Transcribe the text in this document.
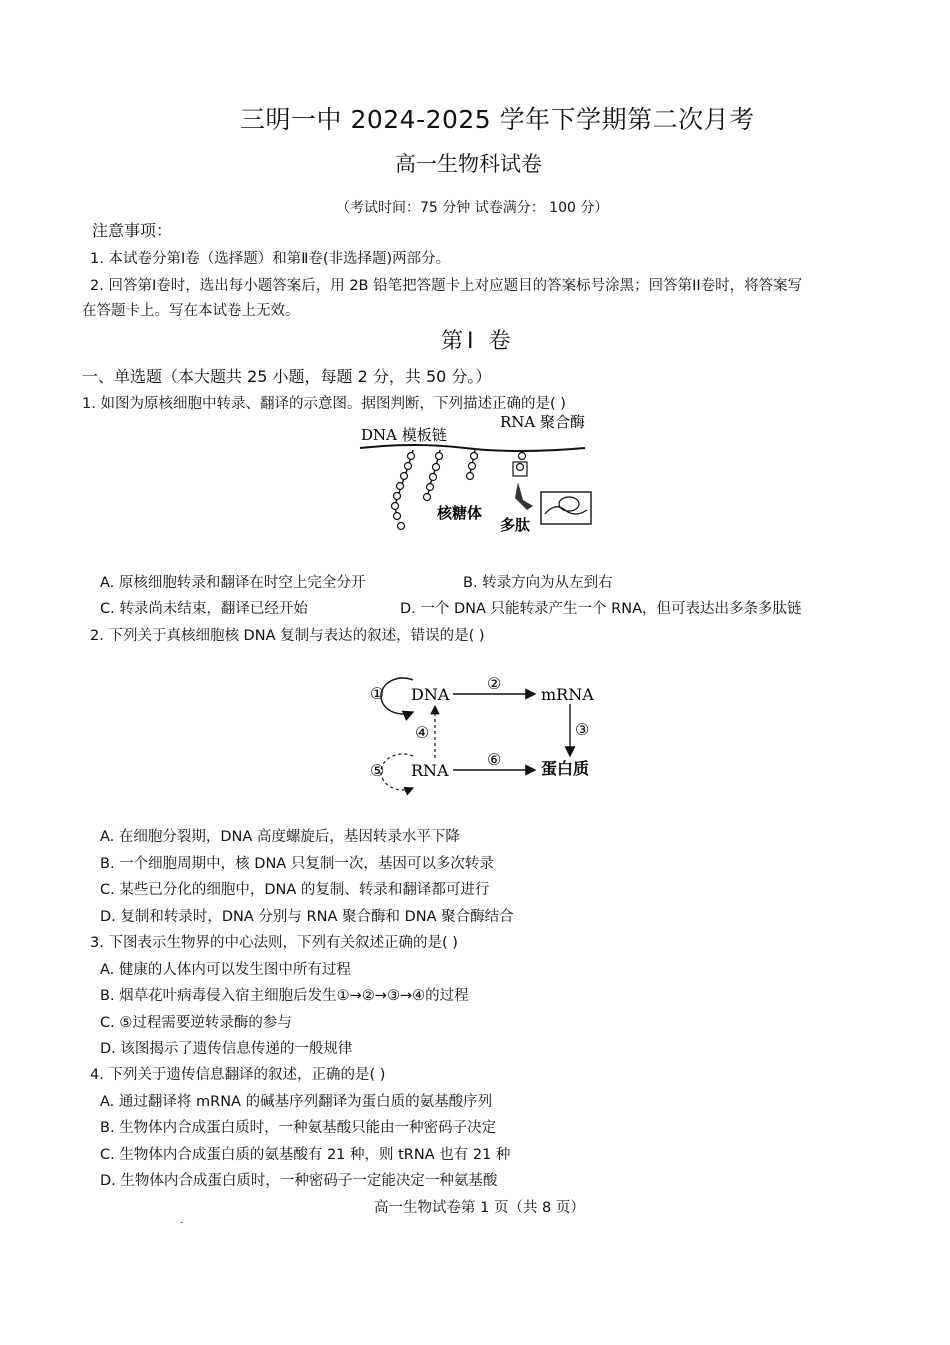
三明一中 2024-2025 学年下学期第二次月考
高一生物科试卷
（考试时间：75 分钟 试卷满分： 100 分）
注意事项：
1. 本试卷分第Ⅰ卷（选择题）和第Ⅱ卷(非选择题)两部分。
2. 回答第Ⅰ卷时，选出每小题答案后，用 2B 铅笔把答题卡上对应题目的答案标号涂黑；回答第ⅠⅠ卷时，将答案写
在答题卡上。写在本试卷上无效。
第Ⅰ 卷
一、单选题（本大题共 25 小题，每题 2 分，共 50 分。）
1. 如图为原核细胞中转录、翻译的示意图。据图判断，下列描述正确的是( )
DNA 模板链
RNA 聚合酶
核糖体
多肽
A. 原核细胞转录和翻译在时空上完全分开	B. 转录方向为从左到右
C. 转录尚未结束，翻译已经开始	D. 一个 DNA 只能转录产生一个 RNA，但可表达出多条多肽链
2. 下列关于真核细胞核 DNA 复制与表达的叙述，错误的是( )
① DNA
②
mRNA
③
④
⑤ RNA
⑥ 蛋白质
A. 在细胞分裂期，DNA 高度螺旋后，基因转录水平下降
B. 一个细胞周期中，核 DNA 只复制一次，基因可以多次转录
C. 某些已分化的细胞中，DNA 的复制、转录和翻译都可进行
D. 复制和转录时，DNA 分别与 RNA 聚合酶和 DNA 聚合酶结合
3. 下图表示生物界的中心法则，下列有关叙述正确的是( )
A. 健康的人体内可以发生图中所有过程
B. 烟草花叶病毒侵入宿主细胞后发生①→②→③→④的过程
C. ⑤过程需要逆转录酶的参与
D. 该图揭示了遗传信息传递的一般规律
4. 下列关于遗传信息翻译的叙述，正确的是( )
A. 通过翻译将 mRNA 的碱基序列翻译为蛋白质的氨基酸序列
B. 生物体内合成蛋白质时，一种氨基酸只能由一种密码子决定
C. 生物体内合成蛋白质的氨基酸有 21 种，则 tRNA 也有 21 种
D. 生物体内合成蛋白质时，一种密码子一定能决定一种氨基酸
高一生物试卷第 1 页（共 8 页）
